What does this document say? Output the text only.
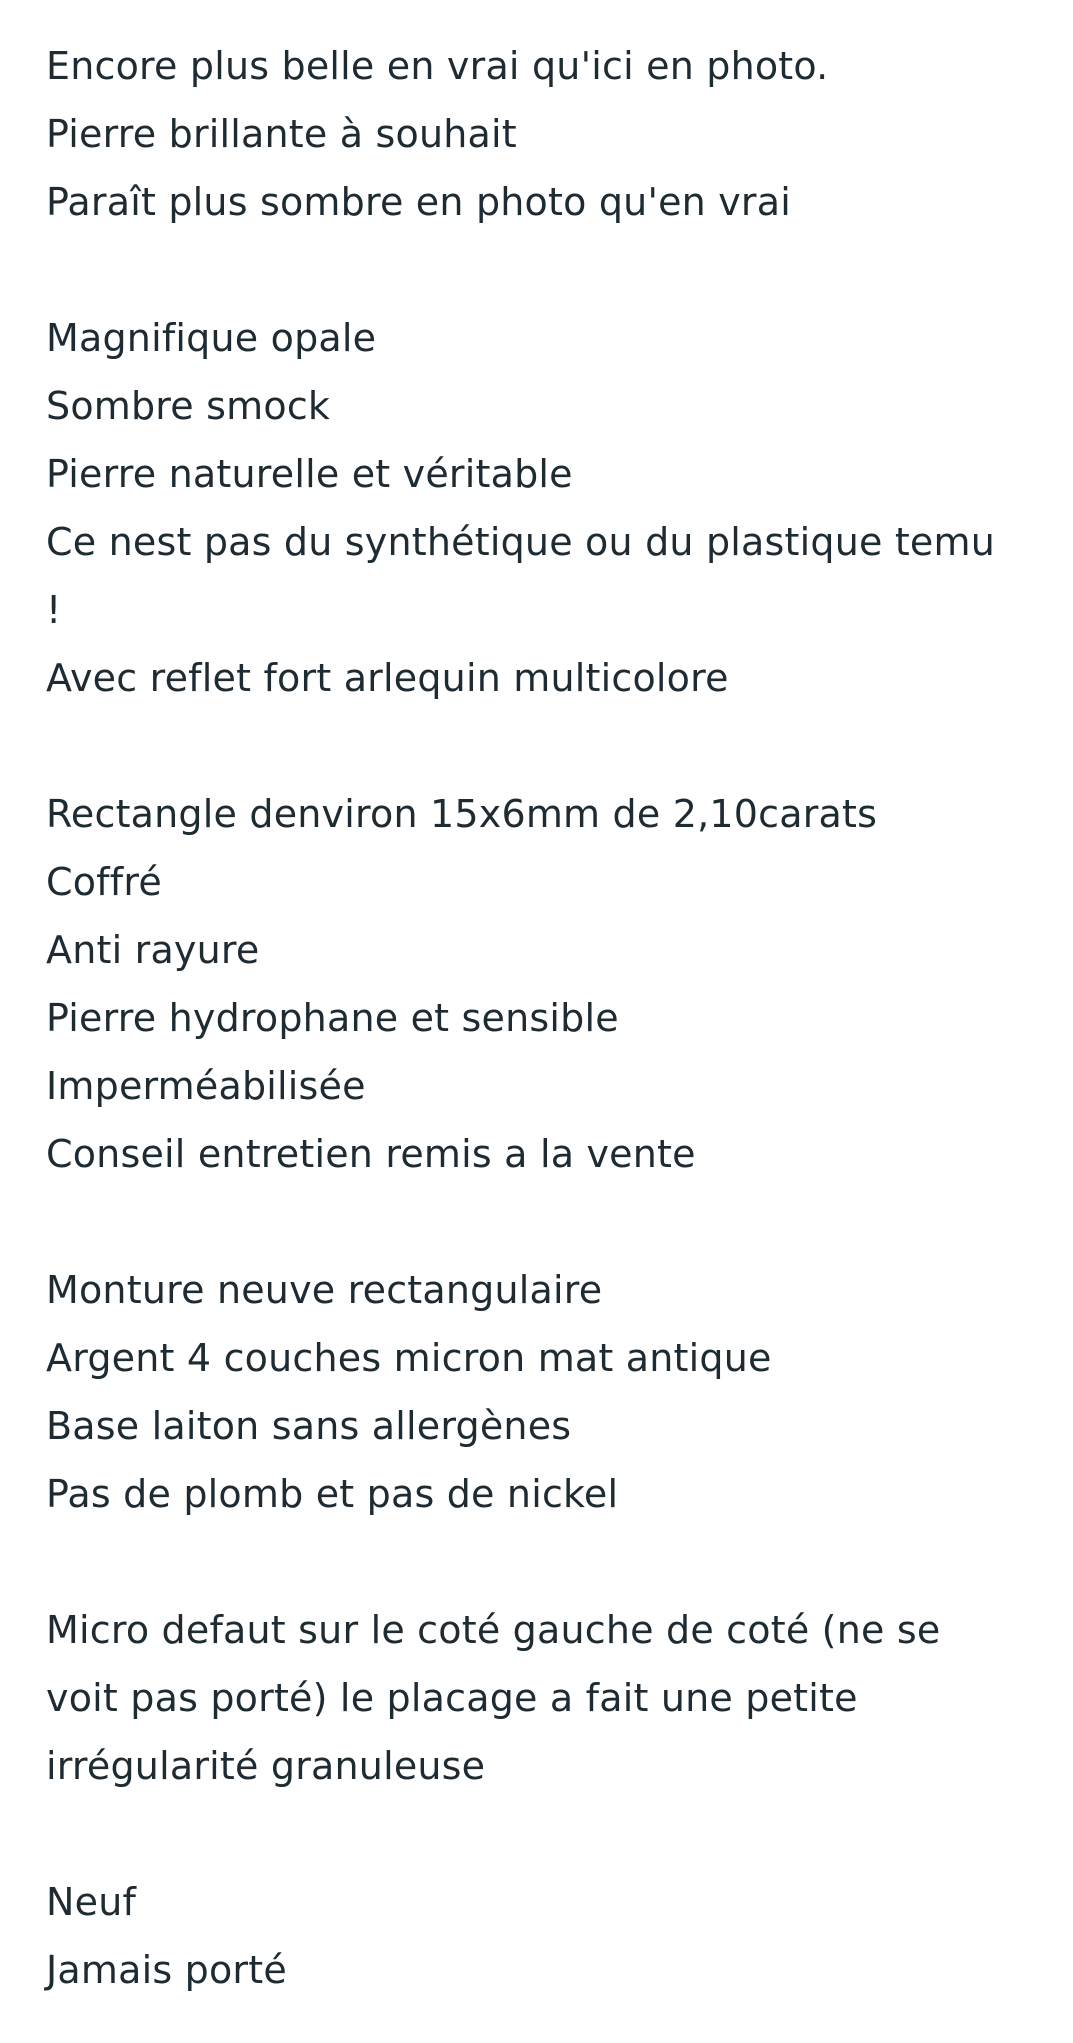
Encore plus belle en vrai qu'ici en photo.
Pierre brillante à souhait
Paraît plus sombre en photo qu'en vrai
Magnifique opale
Sombre smock
Pierre naturelle et véritable
Ce nest pas du synthétique ou du plastique temu !
Avec reflet fort arlequin multicolore
Rectangle denviron 15x6mm de 2,10carats
Coffré
Anti rayure
Pierre hydrophane et sensible
Imperméabilisée
Conseil entretien remis a la vente
Monture neuve rectangulaire
Argent 4 couches micron mat antique
Base laiton sans allergènes
Pas de plomb et pas de nickel
Micro defaut sur le coté gauche de coté (ne se voit pas porté) le placage a fait une petite irrégularité granuleuse
Neuf
Jamais porté
